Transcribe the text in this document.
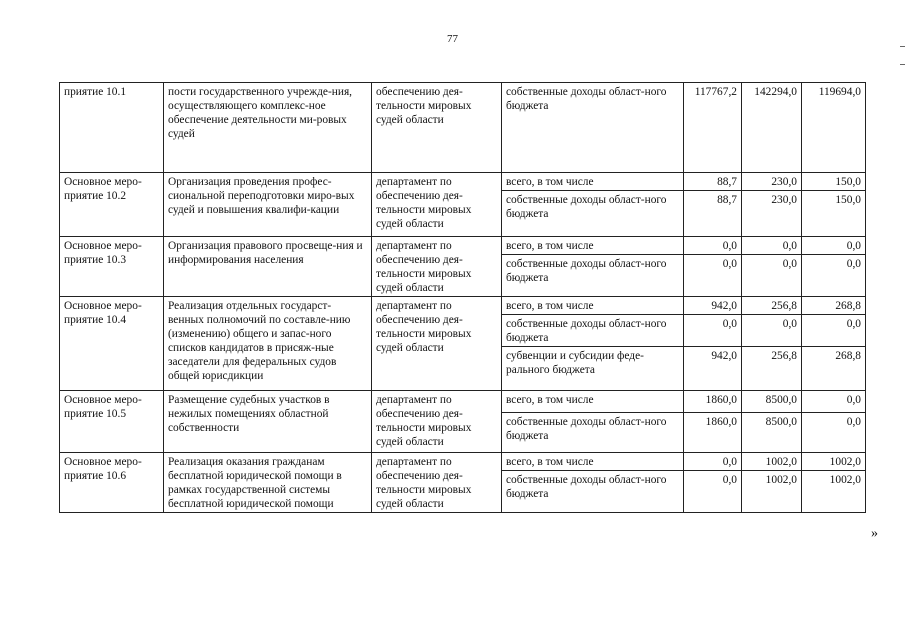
77
приятие 10.1	пости государственного учрежде-ния, осуществляющего комплекс-ное обеспечение деятельности ми-ровых судей	обеспечению дея-тельности мировых судей области	собственные доходы област-ного бюджета	117767,2	142294,0	119694,0
Основное меро-приятие 10.2	Организация проведения профес-сиональной переподготовки миро-вых судей и повышения квалифи-кации	департамент по обеспечению дея-тельности мировых судей области	всего, в том числе	88,7	230,0	150,0
			собственные доходы област-ного бюджета	88,7	230,0	150,0
Основное меро-приятие 10.3	Организация правового просвеще-ния и информирования населения	департамент по обеспечению дея-тельности мировых судей области	всего, в том числе	0,0	0,0	0,0
			собственные доходы област-ного бюджета	0,0	0,0	0,0
Основное меро-приятие 10.4	Реализация отдельных государст-венных полномочий по составле-нию (изменению) общего и запас-ного списков кандидатов в присяж-ные заседатели для федеральных судов общей юрисдикции	департамент по обеспечению дея-тельности мировых судей области	всего, в том числе	942,0	256,8	268,8
			собственные доходы област-ного бюджета	0,0	0,0	0,0
			субвенции и субсидии феде-рального бюджета	942,0	256,8	268,8
Основное меро-приятие 10.5	Размещение судебных участков в нежилых помещениях областной собственности	департамент по обеспечению дея-тельности мировых судей области	всего, в том числе	1860,0	8500,0	0,0
			собственные доходы област-ного бюджета	1860,0	8500,0	0,0
Основное меро-приятие 10.6	Реализация оказания гражданам бесплатной юридической помощи в рамках государственной системы бесплатной юридической помощи	департамент по обеспечению дея-тельности мировых судей области	всего, в том числе	0,0	1002,0	1002,0
			собственные доходы област-ного бюджета	0,0	1002,0	1002,0
»
